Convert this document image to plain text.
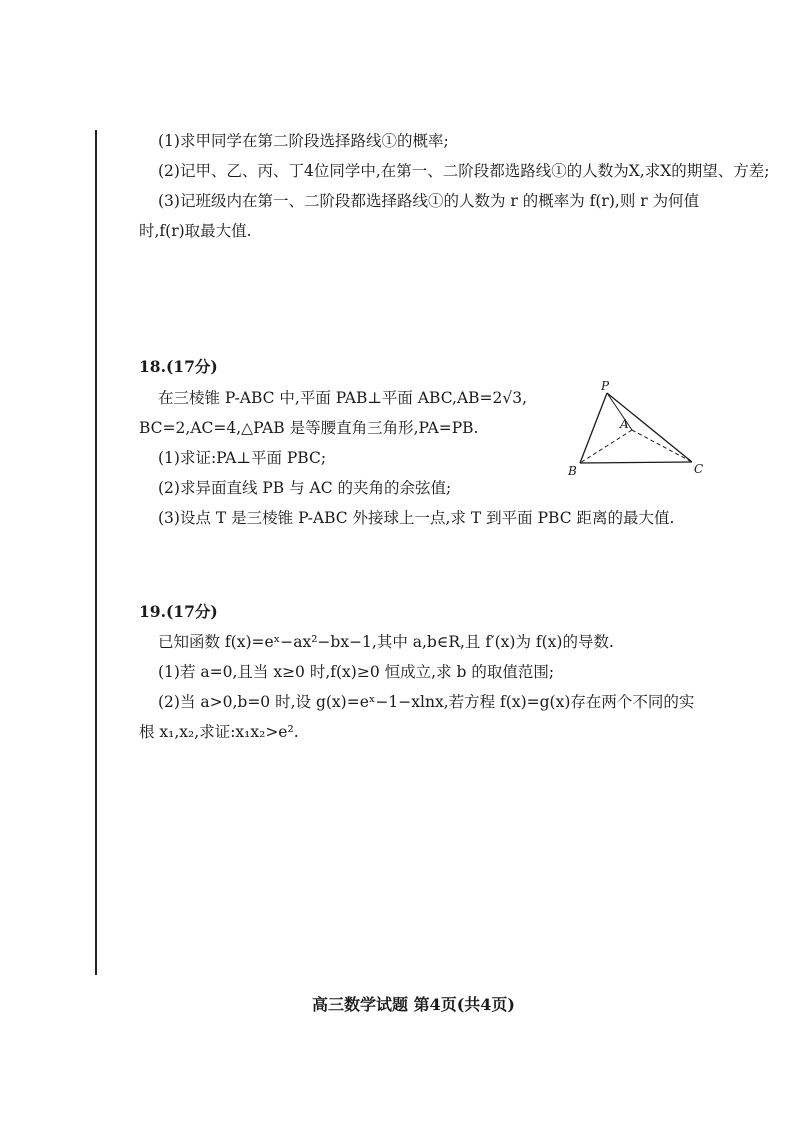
(1)求甲同学在第二阶段选择路线①的概率;
(2)记甲、乙、丙、丁4位同学中,在第一、二阶段都选路线①的人数为X,求X的期望、方差;
(3)记班级内在第一、二阶段都选择路线①的人数为 r 的概率为 f(r),则 r 为何值
时,f(r)取最大值.
18.(17分)
在三棱锥 P-ABC 中,平面 PAB⊥平面 ABC,AB=2√3,
BC=2,AC=4,△PAB 是等腰直角三角形,PA=PB.
(1)求证:PA⊥平面 PBC;
(2)求异面直线 PB 与 AC 的夹角的余弦值;
(3)设点 T 是三棱锥 P-ABC 外接球上一点,求 T 到平面 PBC 距离的最大值.
P
A
B	C
19.(17分)
已知函数 f(x)=eˣ−ax²−bx−1,其中 a,b∈R,且 f′(x)为 f(x)的导数.
(1)若 a=0,且当 x≥0 时,f(x)≥0 恒成立,求 b 的取值范围;
(2)当 a>0,b=0 时,设 g(x)=eˣ−1−xlnx,若方程 f(x)=g(x)存在两个不同的实
根 x₁,x₂,求证:x₁x₂>e².
高三数学试题 第4页(共4页)
